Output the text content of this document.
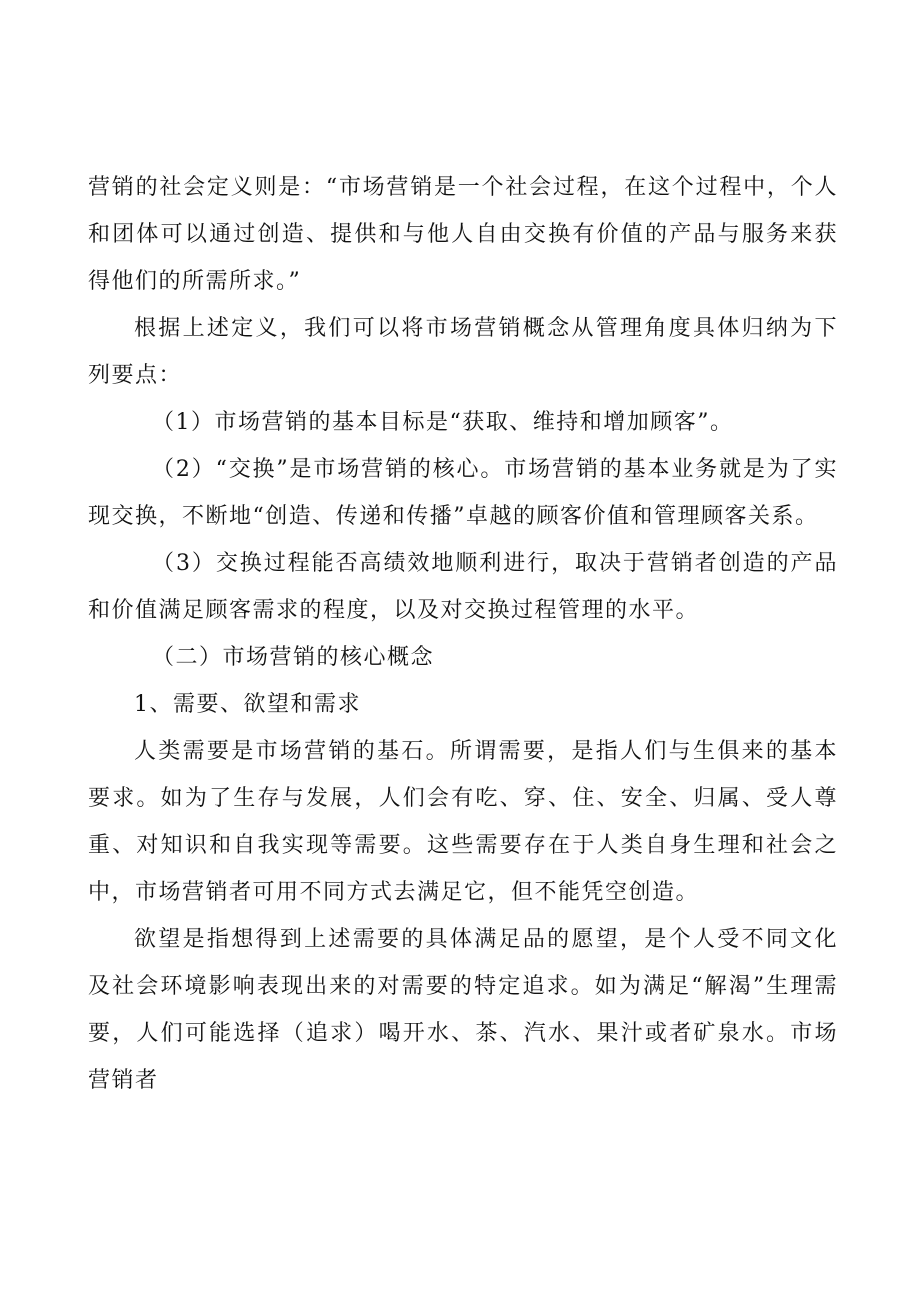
营销的社会定义则是：“市场营销是一个社会过程，在这个过程中，个人和团体可以通过创造、提供和与他人自由交换有价值的产品与服务来获得他们的所需所求。”

根据上述定义，我们可以将市场营销概念从管理角度具体归纳为下列要点：

（1）市场营销的基本目标是“获取、维持和增加顾客”。

（2）“交换”是市场营销的核心。市场营销的基本业务就是为了实现交换，不断地“创造、传递和传播”卓越的顾客价值和管理顾客关系。

（3）交换过程能否高绩效地顺利进行，取决于营销者创造的产品和价值满足顾客需求的程度，以及对交换过程管理的水平。

（二）市场营销的核心概念

1、需要、欲望和需求

人类需要是市场营销的基石。所谓需要，是指人们与生俱来的基本要求。如为了生存与发展，人们会有吃、穿、住、安全、归属、受人尊重、对知识和自我实现等需要。这些需要存在于人类自身生理和社会之中，市场营销者可用不同方式去满足它，但不能凭空创造。

欲望是指想得到上述需要的具体满足品的愿望，是个人受不同文化及社会环境影响表现出来的对需要的特定追求。如为满足“解渴”生理需要，人们可能选择（追求）喝开水、茶、汽水、果汁或者矿泉水。市场营销者
